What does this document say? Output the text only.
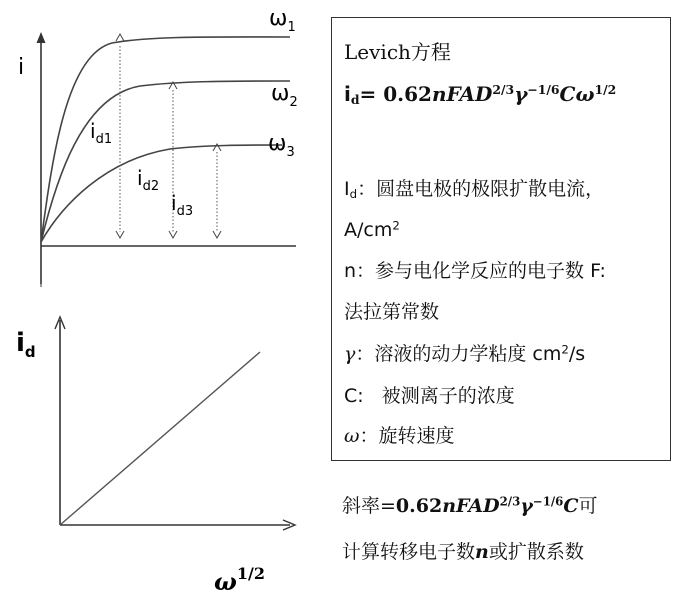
i
$\omega_1$
$\omega_2$
$\omega_3$
$i_{d1}$
$i_{d2}$
$i_{d3}$
$i_d$
$\omega^{1/2}$
Levich方程
$i_d=$ $0.62nFAD^{2/3}\gamma^{-1/6}C\omega^{1/2}$
$I_d$：圆盘电极的极限扩散电流，
$A/cm^2$
n：参与电化学反应的电子数 F:
法拉第常数
γ：溶液的动力学粘度 $cm^2/s$
C:   被测离子的浓度
ω：旋转速度
斜率$=0.62nFAD^{2/3}\gamma^{-1/6}C$可
计算转移电子数n或扩散系数
